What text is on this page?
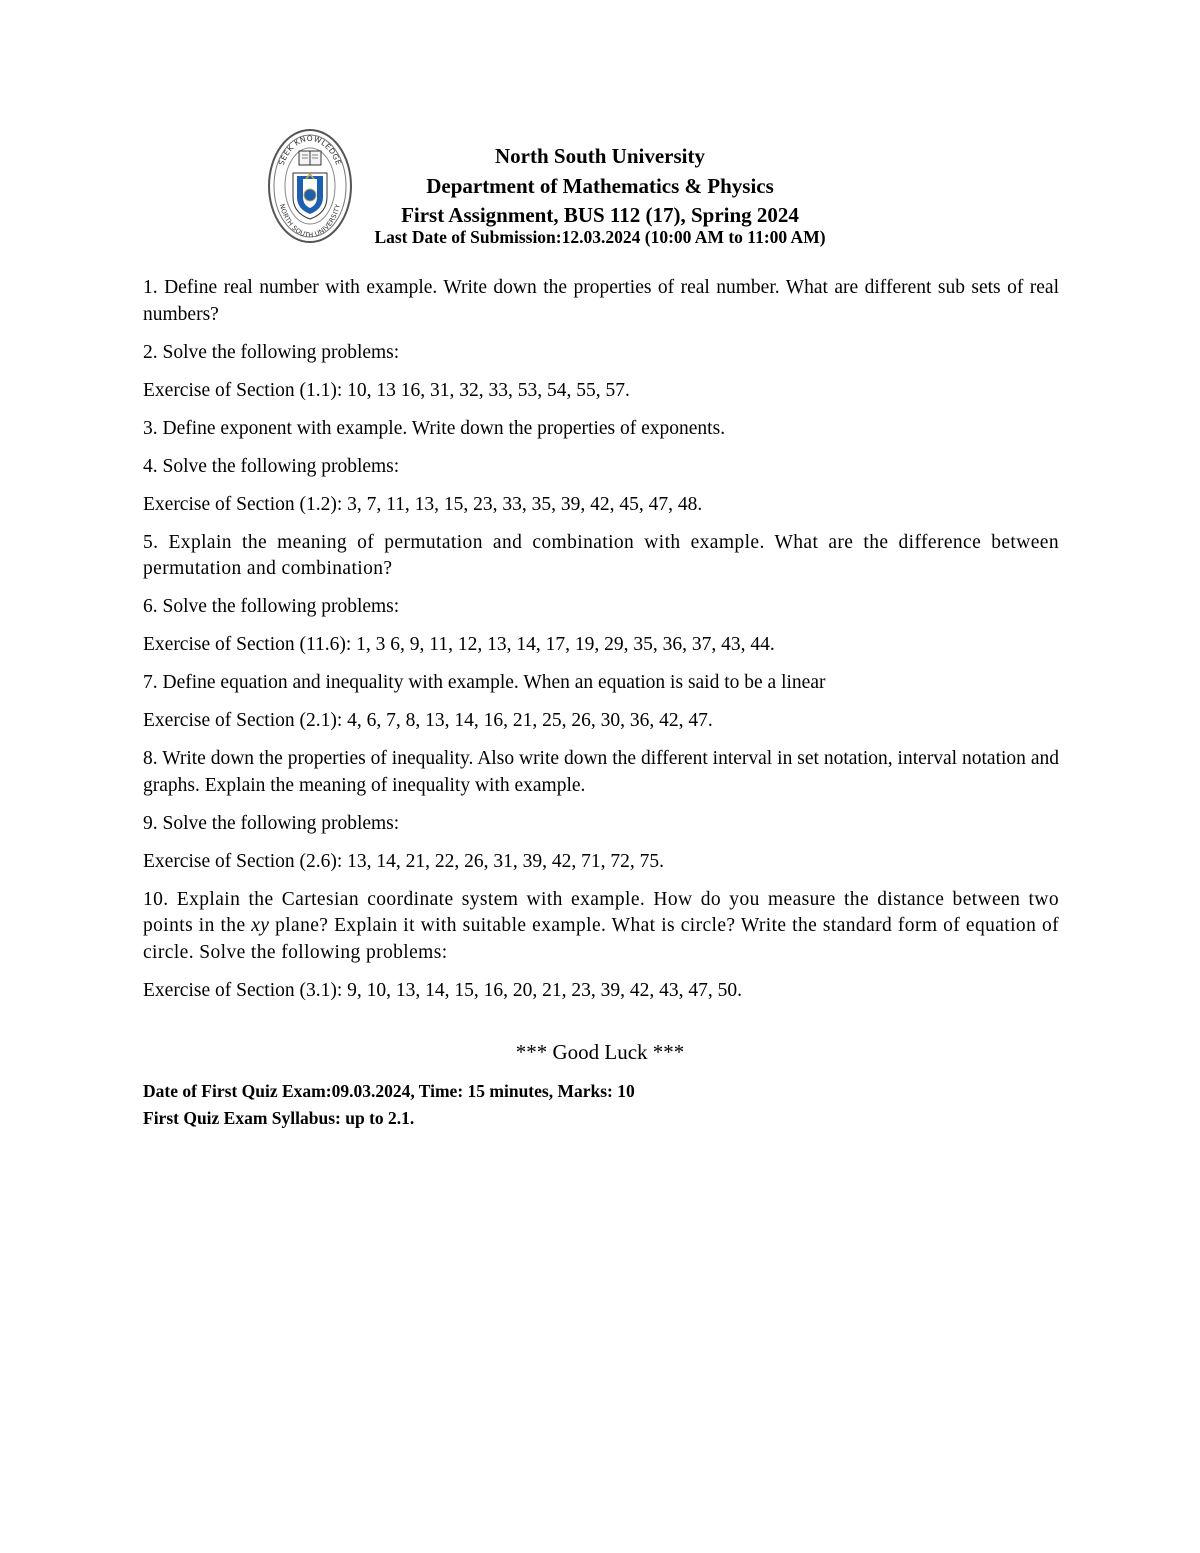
SEEK KNOWLEDGE
NORTH SOUTH UNIVERSITY
North South University
Department of Mathematics & Physics
First Assignment, BUS 112 (17), Spring 2024
Last Date of Submission:12.03.2024 (10:00 AM to 11:00 AM)

1. Define real number with example. Write down the properties of real number. What are different sub sets of real numbers?

2. Solve the following problems:

Exercise of Section (1.1): 10, 13 16, 31, 32, 33, 53, 54, 55, 57.

3. Define exponent with example. Write down the properties of exponents.

4. Solve the following problems:

Exercise of Section (1.2): 3, 7, 11, 13, 15, 23, 33, 35, 39, 42, 45, 47, 48.

5. Explain the meaning of permutation and combination with example. What are the difference between permutation and combination?

6. Solve the following problems:

Exercise of Section (11.6): 1, 3 6, 9, 11, 12, 13, 14, 17, 19, 29, 35, 36, 37, 43, 44.

7. Define equation and inequality with example. When an equation is said to be a linear

Exercise of Section (2.1): 4, 6, 7, 8, 13, 14, 16, 21, 25, 26, 30, 36, 42, 47.

8. Write down the properties of inequality. Also write down the different interval in set notation, interval notation and graphs. Explain the meaning of inequality with example.

9. Solve the following problems:

Exercise of Section (2.6): 13, 14, 21, 22, 26, 31, 39, 42, 71, 72, 75.

10. Explain the Cartesian coordinate system with example. How do you measure the distance between two points in the xy plane? Explain it with suitable example. What is circle? Write the standard form of equation of circle. Solve the following problems:

Exercise of Section (3.1): 9, 10, 13, 14, 15, 16, 20, 21, 23, 39, 42, 43, 47, 50.

*** Good Luck ***
Date of First Quiz Exam:09.03.2024, Time: 15 minutes, Marks: 10
First Quiz Exam Syllabus: up to 2.1.
